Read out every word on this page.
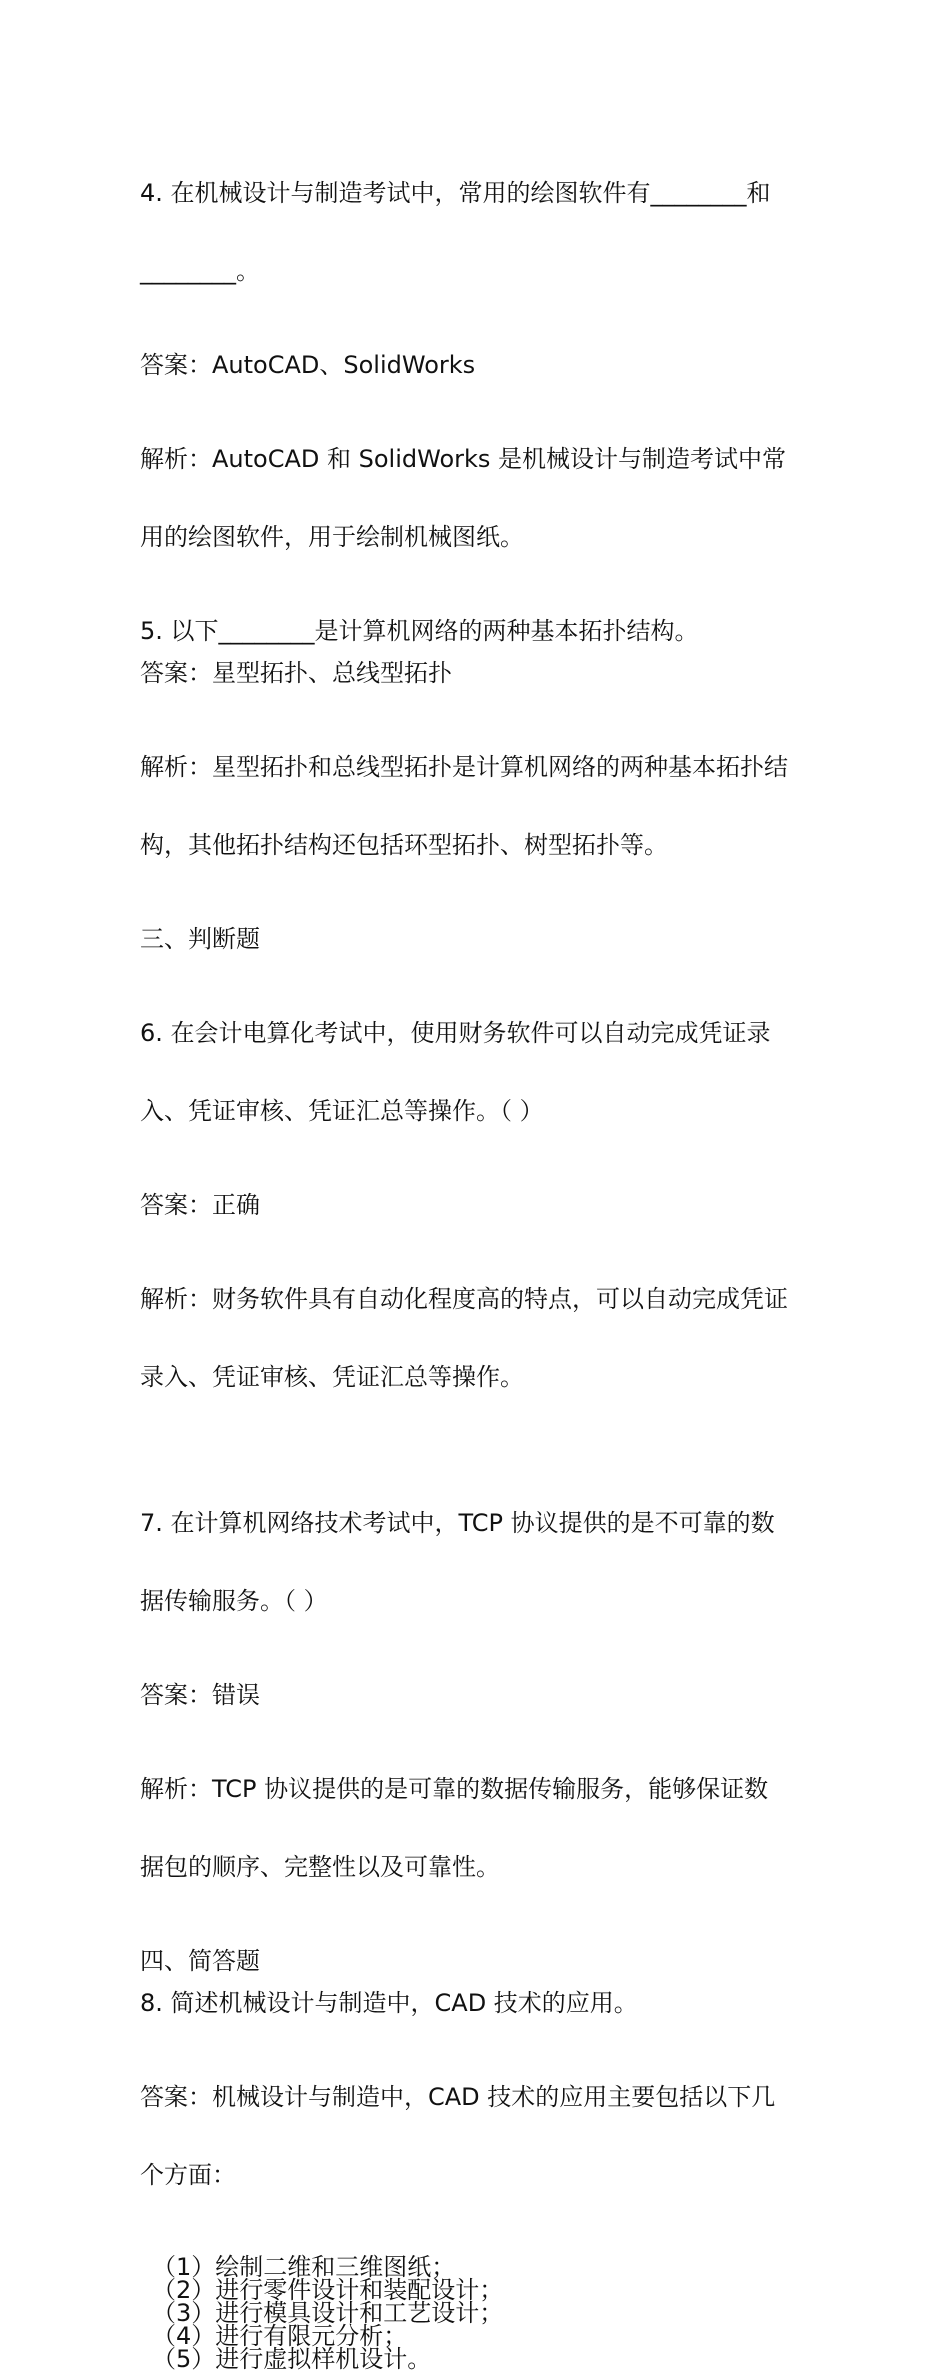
4. 在机械设计与制造考试中，常用的绘图软件有________和

________。

答案：AutoCAD、SolidWorks

解析：AutoCAD 和 SolidWorks 是机械设计与制造考试中常

用的绘图软件，用于绘制机械图纸。

5. 以下________是计算机网络的两种基本拓扑结构。
答案：星型拓扑、总线型拓扑

解析：星型拓扑和总线型拓扑是计算机网络的两种基本拓扑结

构，其他拓扑结构还包括环型拓扑、树型拓扑等。

三、判断题

6. 在会计电算化考试中，使用财务软件可以自动完成凭证录

入、凭证审核、凭证汇总等操作。（ ）

答案：正确

解析：财务软件具有自动化程度高的特点，可以自动完成凭证

录入、凭证审核、凭证汇总等操作。

7. 在计算机网络技术考试中，TCP 协议提供的是不可靠的数

据传输服务。（ ）

答案：错误

解析：TCP 协议提供的是可靠的数据传输服务，能够保证数

据包的顺序、完整性以及可靠性。

四、简答题
8. 简述机械设计与制造中，CAD 技术的应用。

答案：机械设计与制造中，CAD 技术的应用主要包括以下几

个方面：

（1）绘制二维和三维图纸；
（2）进行零件设计和装配设计；
（3）进行模具设计和工艺设计；
（4）进行有限元分析；
（5）进行虚拟样机设计。
